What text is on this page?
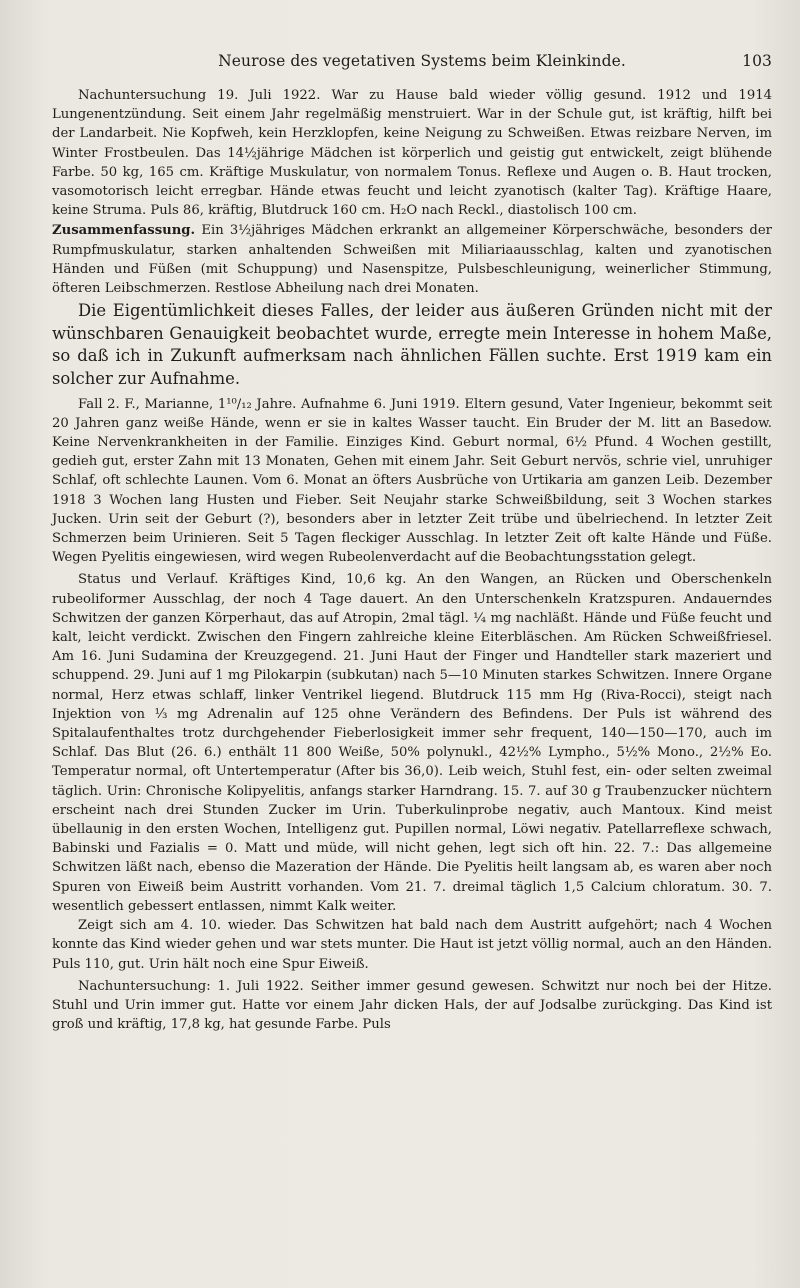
Neurose des vegetativen Systems beim Kleinkinde.	103

Nachuntersuchung 19. Juli 1922. War zu Hause bald wieder völlig gesund. 1912 und 1914 Lungenentzündung. Seit einem Jahr regelmäßig menstruiert. War in der Schule gut, ist kräftig, hilft bei der Landarbeit. Nie Kopfweh, kein Herzklopfen, keine Neigung zu Schweißen. Etwas reizbare Nerven, im Winter Frostbeulen. Das 14½jährige Mädchen ist körperlich und geistig gut entwickelt, zeigt blühende Farbe. 50 kg, 165 cm. Kräftige Muskulatur, von normalem Tonus. Reflexe und Augen o. B. Haut trocken, vasomotorisch leicht erregbar. Hände etwas feucht und leicht zyanotisch (kalter Tag). Kräftige Haare, keine Struma. Puls 86, kräftig, Blutdruck 160 cm. H₂O nach Reckl., diastolisch 100 cm.

Zusammenfassung. Ein 3½jähriges Mädchen erkrankt an allgemeiner Körperschwäche, besonders der Rumpfmuskulatur, starken anhaltenden Schweißen mit Miliariaausschlag, kalten und zyanotischen Händen und Füßen (mit Schuppung) und Nasenspitze, Pulsbeschleunigung, weinerlicher Stimmung, öfteren Leibschmerzen. Restlose Abheilung nach drei Monaten.

Die Eigentümlichkeit dieses Falles, der leider aus äußeren Gründen nicht mit der wünschbaren Genauigkeit beobachtet wurde, erregte mein Interesse in hohem Maße, so daß ich in Zukunft aufmerksam nach ähnlichen Fällen suchte. Erst 1919 kam ein solcher zur Aufnahme.

Fall 2. F., Marianne, 1¹⁰/₁₂ Jahre. Aufnahme 6. Juni 1919. Eltern gesund, Vater Ingenieur, bekommt seit 20 Jahren ganz weiße Hände, wenn er sie in kaltes Wasser taucht. Ein Bruder der M. litt an Basedow. Keine Nervenkrankheiten in der Familie. Einziges Kind. Geburt normal, 6½ Pfund. 4 Wochen gestillt, gedieh gut, erster Zahn mit 13 Monaten, Gehen mit einem Jahr. Seit Geburt nervös, schrie viel, unruhiger Schlaf, oft schlechte Launen. Vom 6. Monat an öfters Ausbrüche von Urtikaria am ganzen Leib. Dezember 1918 3 Wochen lang Husten und Fieber. Seit Neujahr starke Schweißbildung, seit 3 Wochen starkes Jucken. Urin seit der Geburt (?), besonders aber in letzter Zeit trübe und übelriechend. In letzter Zeit Schmerzen beim Urinieren. Seit 5 Tagen fleckiger Ausschlag. In letzter Zeit oft kalte Hände und Füße. Wegen Pyelitis eingewiesen, wird wegen Rubeolenverdacht auf die Beobachtungsstation gelegt.

Status und Verlauf. Kräftiges Kind, 10,6 kg. An den Wangen, an Rücken und Oberschenkeln rubeoliformer Ausschlag, der noch 4 Tage dauert. An den Unterschenkeln Kratzspuren. Andauerndes Schwitzen der ganzen Körperhaut, das auf Atropin, 2mal tägl. ¼ mg nachläßt. Hände und Füße feucht und kalt, leicht verdickt. Zwischen den Fingern zahlreiche kleine Eiterbläschen. Am Rücken Schweißfriesel. Am 16. Juni Sudamina der Kreuzgegend. 21. Juni Haut der Finger und Handteller stark mazeriert und schuppend. 29. Juni auf 1 mg Pilokarpin (subkutan) nach 5—10 Minuten starkes Schwitzen. Innere Organe normal, Herz etwas schlaff, linker Ventrikel liegend. Blutdruck 115 mm Hg (Riva-Rocci), steigt nach Injektion von ⅓ mg Adrenalin auf 125 ohne Verändern des Befindens. Der Puls ist während des Spitalaufenthaltes trotz durchgehender Fieberlosigkeit immer sehr frequent, 140—150—170, auch im Schlaf. Das Blut (26. 6.) enthält 11 800 Weiße, 50% polynukl., 42½% Lympho., 5½% Mono., 2½% Eo. Temperatur normal, oft Untertemperatur (After bis 36,0). Leib weich, Stuhl fest, ein- oder selten zweimal täglich. Urin: Chronische Kolipyelitis, anfangs starker Harndrang. 15. 7. auf 30 g Traubenzucker nüchtern erscheint nach drei Stunden Zucker im Urin. Tuberkulinprobe negativ, auch Mantoux. Kind meist übellaunig in den ersten Wochen, Intelligenz gut. Pupillen normal, Löwi negativ. Patellarreflexe schwach, Babinski und Fazialis = 0. Matt und müde, will nicht gehen, legt sich oft hin. 22. 7.: Das allgemeine Schwitzen läßt nach, ebenso die Mazeration der Hände. Die Pyelitis heilt langsam ab, es waren aber noch Spuren von Eiweiß beim Austritt vorhanden. Vom 21. 7. dreimal täglich 1,5 Calcium chloratum. 30. 7. wesentlich gebessert entlassen, nimmt Kalk weiter.

Zeigt sich am 4. 10. wieder. Das Schwitzen hat bald nach dem Austritt aufgehört; nach 4 Wochen konnte das Kind wieder gehen und war stets munter. Die Haut ist jetzt völlig normal, auch an den Händen. Puls 110, gut. Urin hält noch eine Spur Eiweiß.

Nachuntersuchung: 1. Juli 1922. Seither immer gesund gewesen. Schwitzt nur noch bei der Hitze. Stuhl und Urin immer gut. Hatte vor einem Jahr dicken Hals, der auf Jodsalbe zurückging. Das Kind ist groß und kräftig, 17,8 kg, hat gesunde Farbe. Puls
